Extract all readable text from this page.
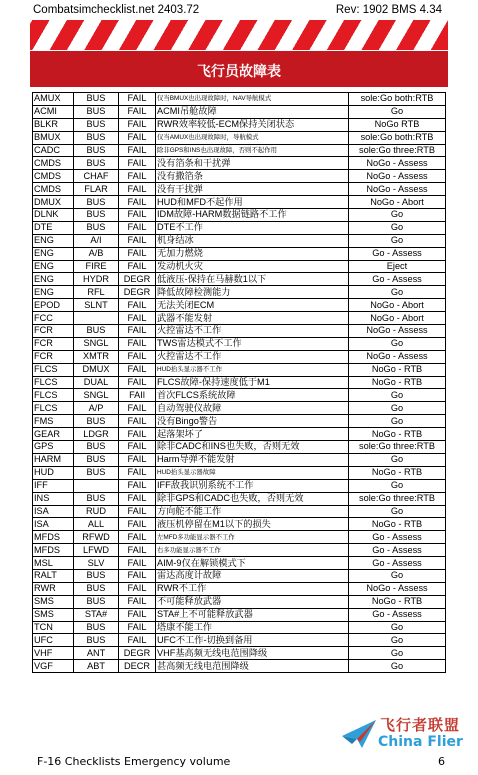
Combatsimchecklist.net 2403.72	Rev: 1902 BMS 4.34
飞行员故障表
AMUX	BUS	FAIL	仅当BMUX也出现故障时，NAV导航模式	sole:Go both:RTB
ACMI	BUS	FAIL	ACMI吊舱故障	Go
BLKR	BUS	FAIL	RWR效率较低-ECM保持关闭状态	NoGo RTB
BMUX	BUS	FAIL	仅当AMUX也出现故障时，导航模式	sole:Go both:RTB
CADC	BUS	FAIL	除非GPS和INS也出现故障，否则不起作用	sole:Go three:RTB
CMDS	BUS	FAIL	没有箔条和干扰弹	NoGo - Assess
CMDS	CHAF	FAIL	没有撒箔条	NoGo - Assess
CMDS	FLAR	FAIL	没有干扰弹	NoGo - Assess
DMUX	BUS	FAIL	HUD和MFD不起作用	NoGo - Abort
DLNK	BUS	FAIL	IDM故障-HARM数据链路不工作	Go
DTE	BUS	FAIL	DTE不工作	Go
ENG	A/I	FAIL	机身结冰	Go
ENG	A/B	FAIL	无加力燃烧	Go - Assess
ENG	FIRE	FAIL	发动机火灾	Eject
ENG	HYDR	DEGR	低液压-保持在马赫数1以下	Go - Assess
ENG	RFL	DEGR	降低故障检测能力	Go
EPOD	SLNT	FAIL	无法关闭ECM	NoGo - Abort
FCC		FAIL	武器不能发射	NoGo - Abort
FCR	BUS	FAIL	火控雷达不工作	NoGo - Assess
FCR	SNGL	FAIL	TWS雷达模式不工作	Go
FCR	XMTR	FAIL	火控雷达不工作	NoGo - Assess
FLCS	DMUX	FAIL	HUD抬头显示器不工作	NoGo - RTB
FLCS	DUAL	FAIL	FLCS故障-保持速度低于M1	NoGo - RTB
FLCS	SNGL	FAIl	首次FLCS系统故障	Go
FLCS	A/P	FAIL	自动驾驶仪故障	Go
FMS	BUS	FAIL	没有Bingo警告	Go
GEAR	LDGR	FAIL	起落架坏了	NoGo - RTB
GPS	BUS	FAIL	除非CADC和INS也失败，否则无效	sole:Go three:RTB
HARM	BUS	FAIL	Harm导弹不能发射	Go
HUD	BUS	FAIL	HUD抬头显示器故障	NoGo - RTB
IFF		FAIL	IFF敌我识别系统不工作	Go
INS	BUS	FAIL	除非GPS和CADC也失败，否则无效	sole:Go three:RTB
ISA	RUD	FAIL	方向舵不能工作	Go
ISA	ALL	FAIL	液压机停留在M1以下的损失	NoGo - RTB
MFDS	RFWD	FAIL	左MFD多功能显示器不工作	Go - Assess
MFDS	LFWD	FAIL	右多功能显示器不工作	Go - Assess
MSL	SLV	FAIL	AIM-9仅在解锁模式下	Go - Assess
RALT	BUS	FAIL	雷达高度计故障	Go
RWR	BUS	FAIL	RWR不工作	NoGo - Assess
SMS	BUS	FAIL	不可能释放武器	NoGo - RTB
SMS	STA#	FAIL	STA#上不可能释放武器	Go - Assess
TCN	BUS	FAIL	塔康不能工作	Go
UFC	BUS	FAIL	UFC不工作-切换到备用	Go
VHF	ANT	DEGR	VHF基高频无线电范围降级	Go
VGF	ABT	DECR	甚高频无线电范围降级	Go
飞行者联盟
China Flier
F-16 Checklists Emergency volume	6
